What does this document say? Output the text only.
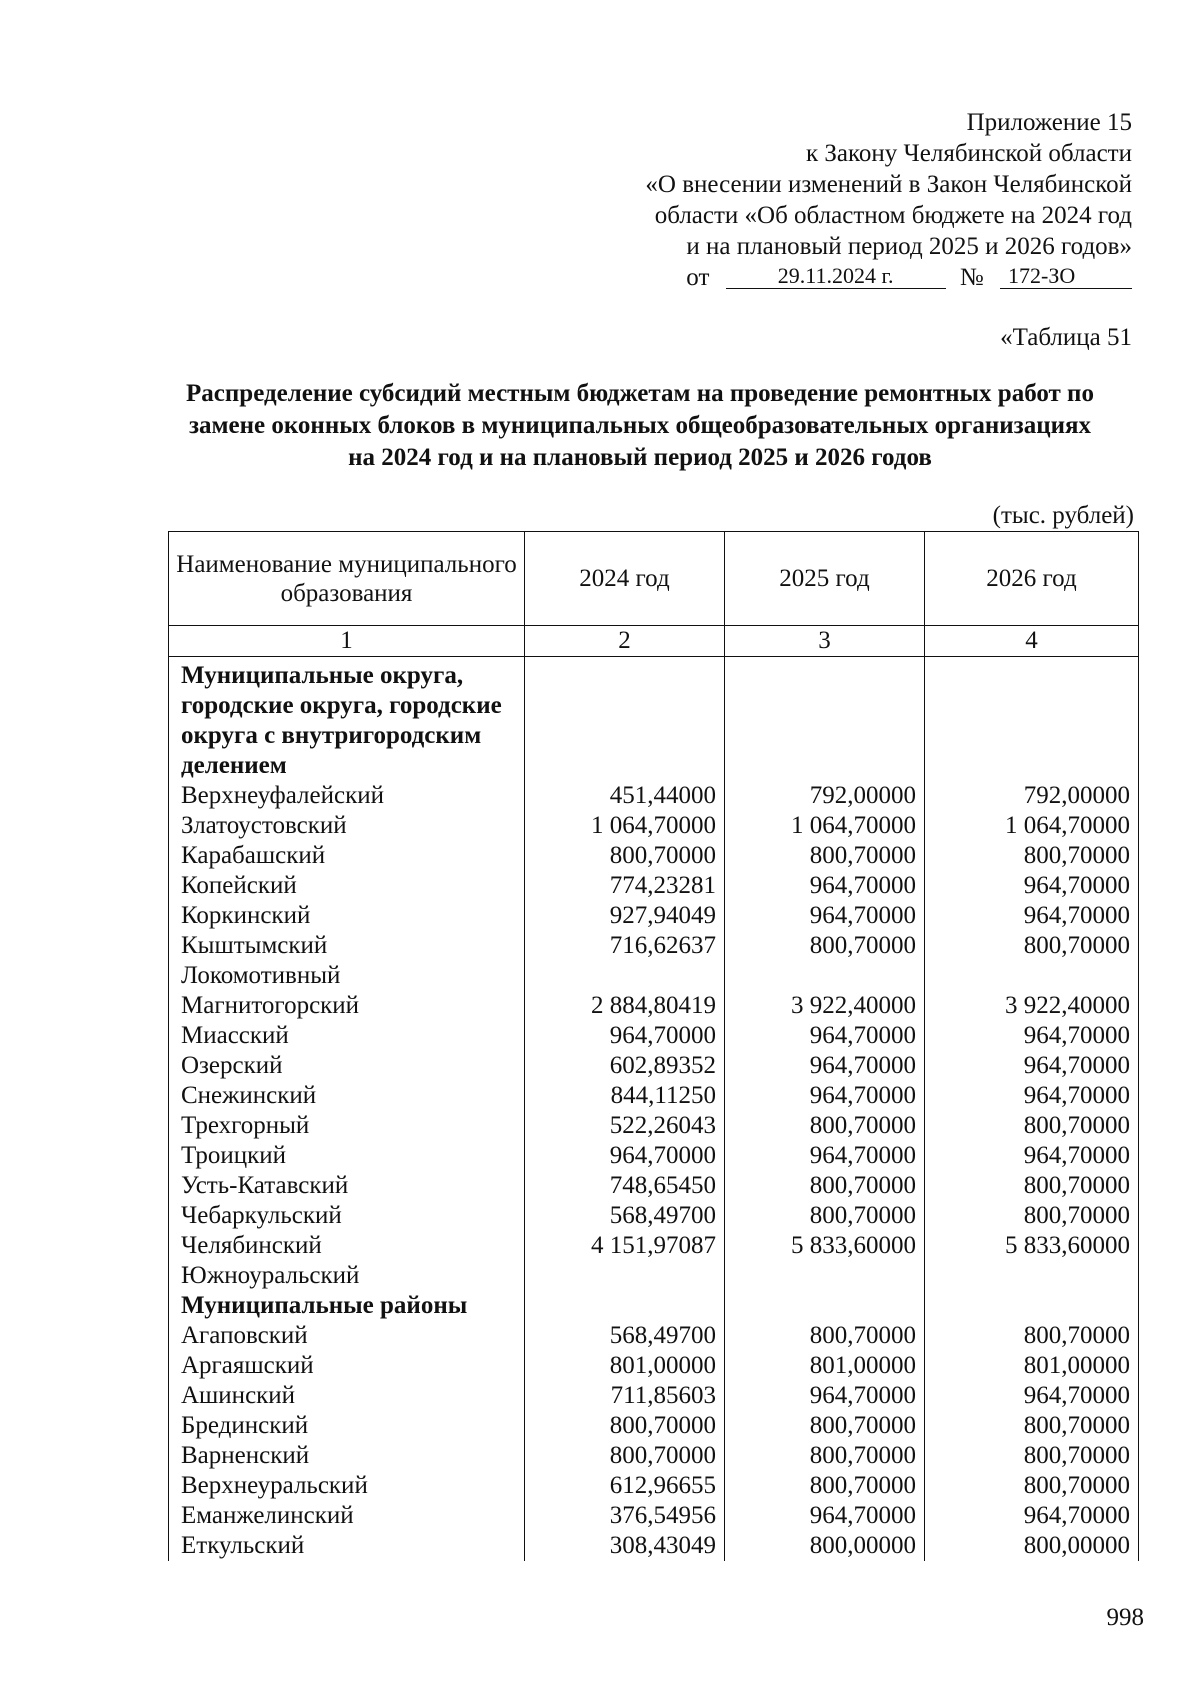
Приложение 15
к Закону Челябинской области
«О внесении изменений в Закон Челябинской
области «Об областном бюджете на 2024 год
и на плановый период 2025 и 2026 годов»
от	29.11.2024 г.	№ 172-ЗО
«Таблица 51
Распределение субсидий местным бюджетам на проведение ремонтных работ по
замене оконных блоков в муниципальных общеобразовательных организациях
на 2024 год и на плановый период 2025 и 2026 годов
(тыс. рублей)
Наименование муниципального образования	2024 год	2025 год	2026 год
1	2	3	4
Муниципальные округа, городские округа, городские округа с внутригородским делением			
Верхнеуфалейский	451,44000	792,00000	792,00000
Златоустовский	1 064,70000	1 064,70000	1 064,70000
Карабашский	800,70000	800,70000	800,70000
Копейский	774,23281	964,70000	964,70000
Коркинский	927,94049	964,70000	964,70000
Кыштымский	716,62637	800,70000	800,70000
Локомотивный			
Магнитогорский	2 884,80419	3 922,40000	3 922,40000
Миасский	964,70000	964,70000	964,70000
Озерский	602,89352	964,70000	964,70000
Снежинский	844,11250	964,70000	964,70000
Трехгорный	522,26043	800,70000	800,70000
Троицкий	964,70000	964,70000	964,70000
Усть-Катавский	748,65450	800,70000	800,70000
Чебаркульский	568,49700	800,70000	800,70000
Челябинский	4 151,97087	5 833,60000	5 833,60000
Южноуральский			
Муниципальные районы			
Агаповский	568,49700	800,70000	800,70000
Аргаяшский	801,00000	801,00000	801,00000
Ашинский	711,85603	964,70000	964,70000
Брединский	800,70000	800,70000	800,70000
Варненский	800,70000	800,70000	800,70000
Верхнеуральский	612,96655	800,70000	800,70000
Еманжелинский	376,54956	964,70000	964,70000
Еткульский	308,43049	800,00000	800,00000
998
